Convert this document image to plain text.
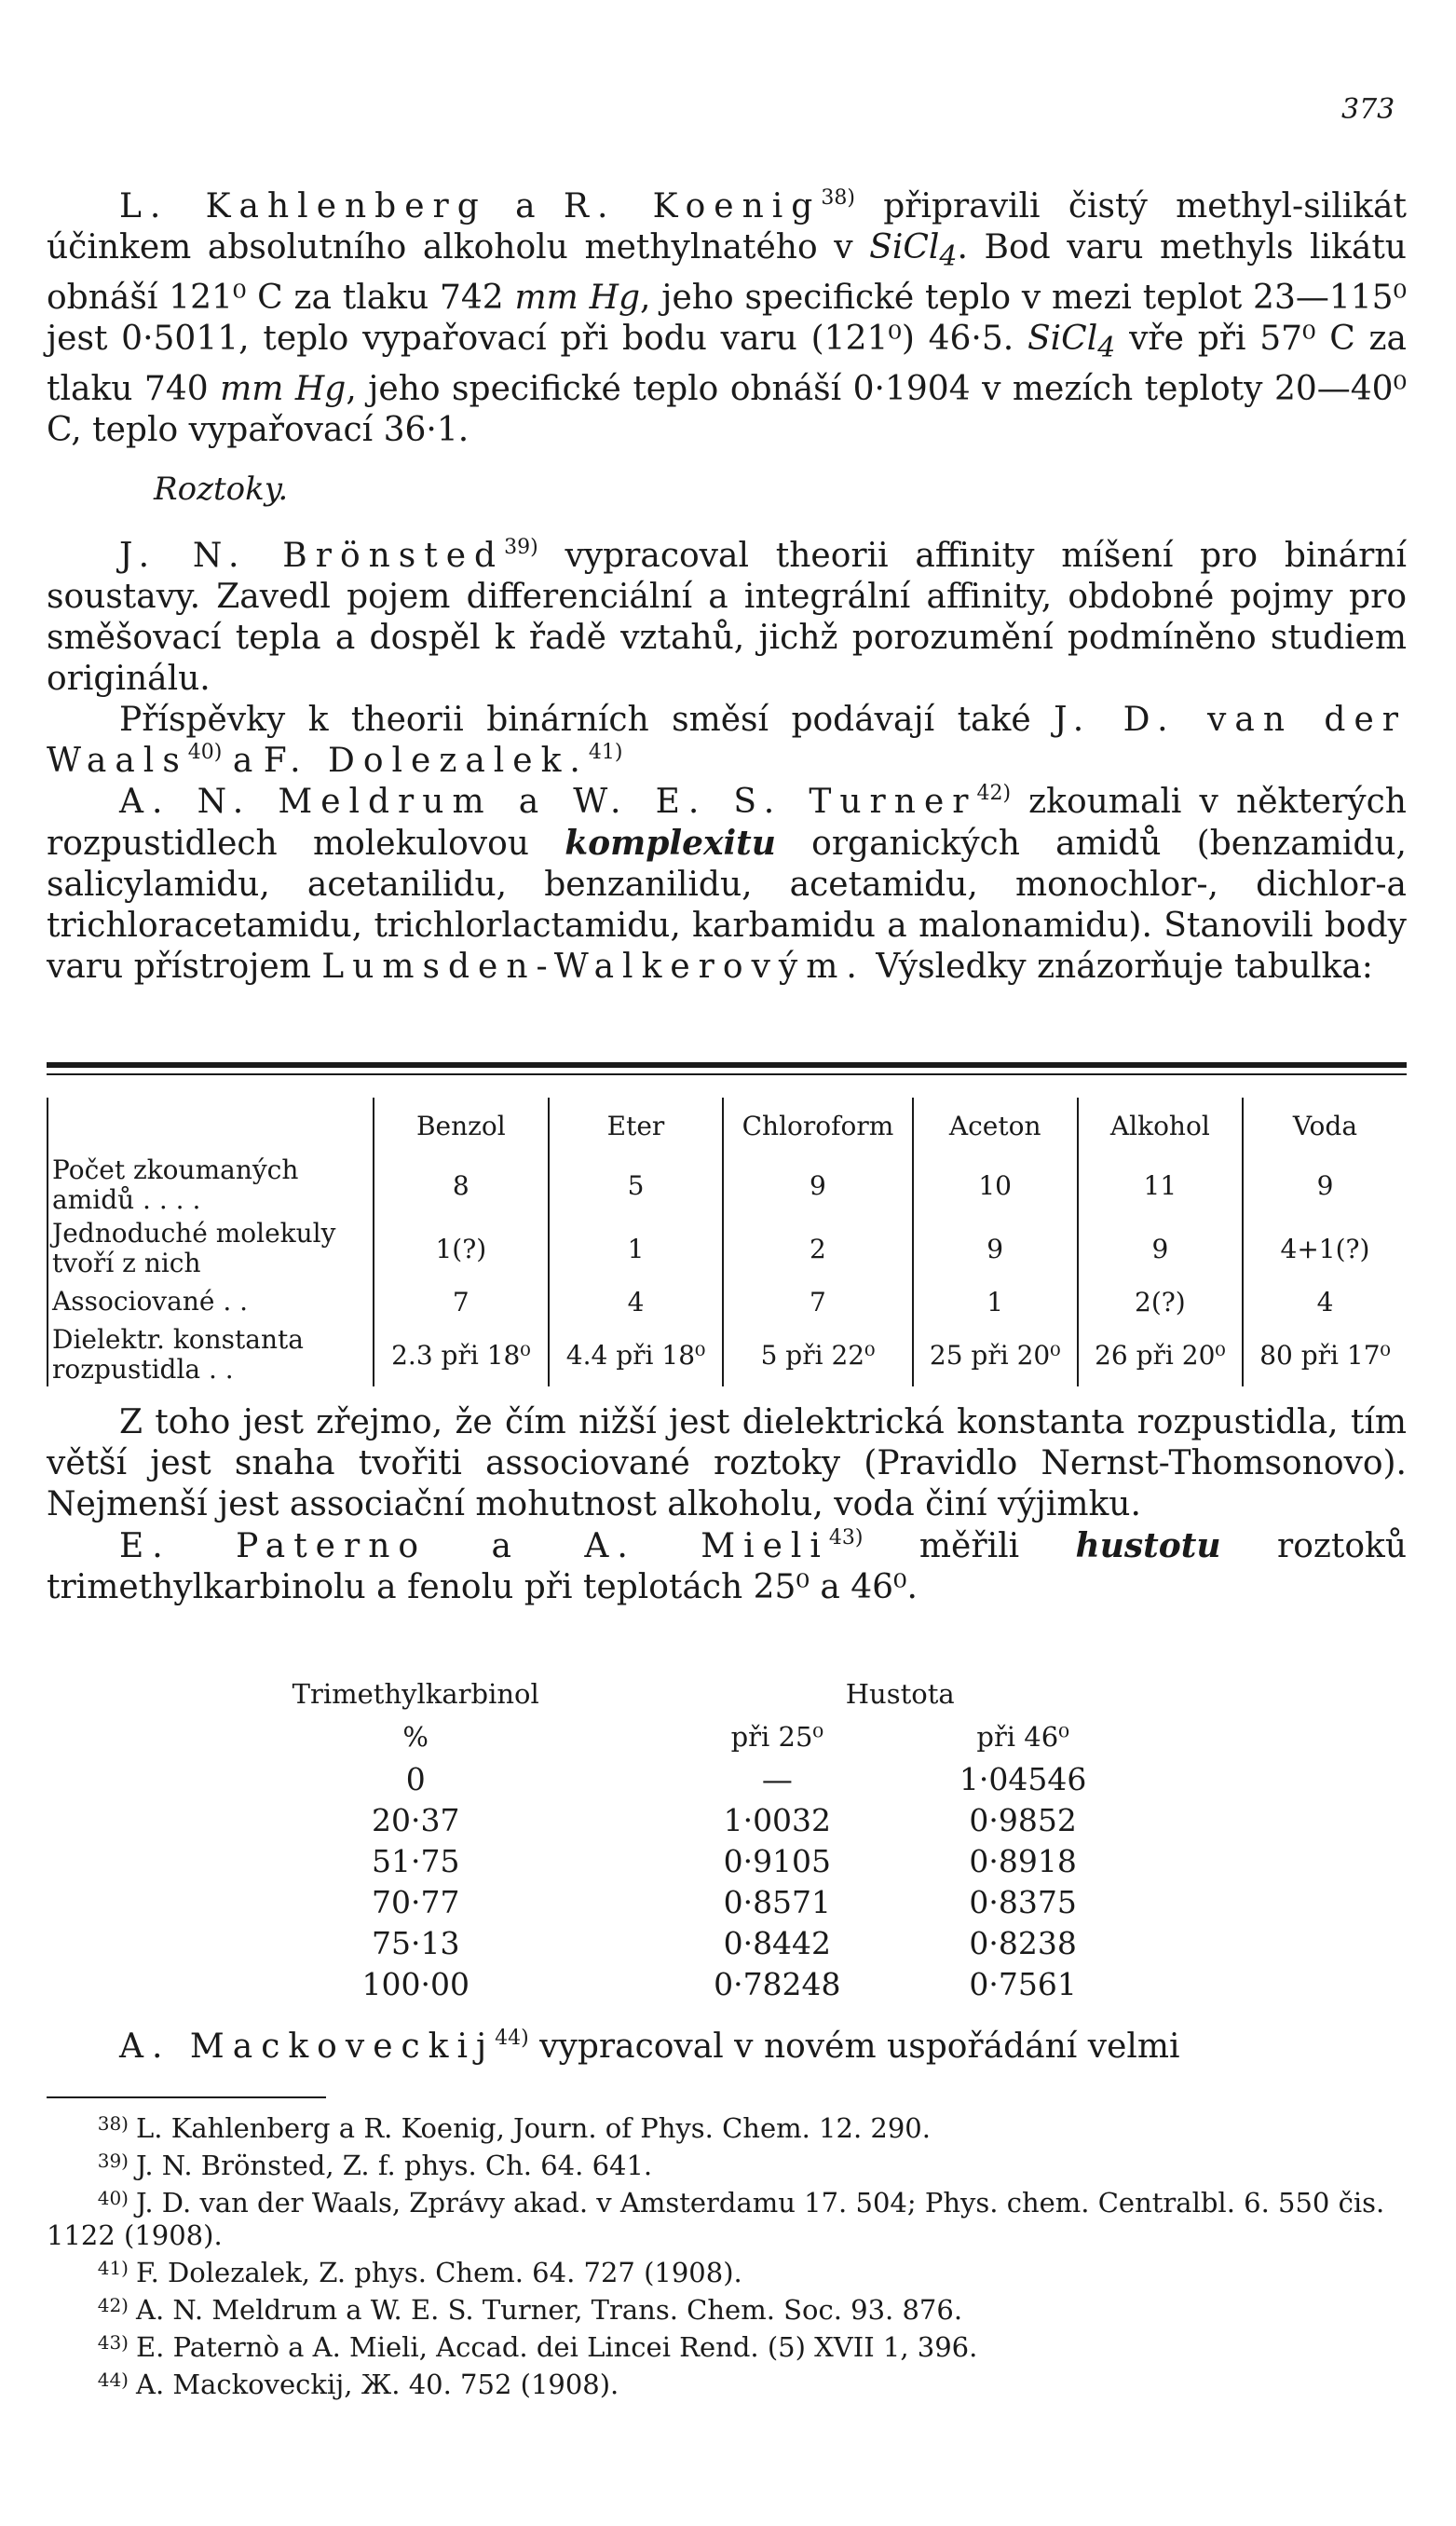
373

L. Kahlenberg a R. Koenig$^{38)}$ připravili čistý methyl-silikát účinkem absolutního alkoholu methylnatého v SiCl$_4$. Bod varu methyls likátu obnáší 121⁰ C za tlaku 742 mm Hg, jeho specifické teplo v mezi teplot 23—115⁰ jest 0·5011, teplo vypařovací při bodu varu (121⁰) 46·5. SiCl$_4$ vře při 57⁰ C za tlaku 740 mm Hg, jeho specifické teplo obnáší 0·1904 v mezích teploty 20—40⁰ C, teplo vypařovací 36·1.

Roztoky.

J. N. Brönsted$^{39)}$ vypracoval theorii affinity míšení pro binární soustavy. Zavedl pojem differenciální a integrální affinity, obdobné pojmy pro směšovací tepla a dospěl k řadě vztahů, jichž porozumění podmíněno studiem originálu.

Příspěvky k theorii binárních směsí podávají také J. D. van der Waals$^{40)}$ a F. Dolezalek.$^{41)}$

A. N. Meldrum a W. E. S. Turner$^{42)}$ zkoumali v některých rozpustidlech molekulovou komplexitu organických amidů (benzamidu, salicylamidu, acetanilidu, benzanilidu, acetamidu, monochlor-, dichlor-a trichloracetamidu, trichlorlactamidu, karbamidu a malonamidu). Stanovili body varu přístrojem Lumsden-Walkerovým. Výsledky znázorňuje tabulka:

	Benzol	Eter	Chloroform	Aceton	Alkohol	Voda
Počet zkoumaných amidů . . . .	8	5	9	10	11	9
Jednoduché molekuly tvoří z nich	1(?)	1	2	9	9	4+1(?)
Associované . .	7	4	7	1	2(?)	4
Dielektr. konstanta rozpustidla . .	2.3 při 18⁰	4.4 při 18⁰	5 při 22⁰	25 při 20⁰	26 při 20⁰	80 při 17⁰

Z toho jest zřejmo, že čím nižší jest dielektrická konstanta rozpustidla, tím větší jest snaha tvořiti associované roztoky (Pravidlo Nernst-Thomsonovo). Nejmenší jest associační mohutnost alkoholu, voda činí výjimku.

E. Paterno a A. Mieli$^{43)}$ měřili hustotu roztoků trimethylkarbinolu a fenolu při teplotách 25⁰ a 46⁰.

Trimethylkarbinol	Hustota	
%	při 25⁰	při 46⁰
0	—	1·04546
20·37	1·0032	0·9852
51·75	0·9105	0·8918
70·77	0·8571	0·8375
75·13	0·8442	0·8238
100·00	0·78248	0·7561

A. Mackoveckij$^{44)}$ vypracoval v novém uspořádání velmi

38) L. Kahlenberg a R. Koenig, Journ. of Phys. Chem. 12. 290.

39) J. N. Brönsted, Z. f. phys. Ch. 64. 641.

40) J. D. van der Waals, Zprávy akad. v Amsterdamu 17. 504; Phys. chem. Centralbl. 6. 550 čis. 1122 (1908).

41) F. Dolezalek, Z. phys. Chem. 64. 727 (1908).

42) A. N. Meldrum a W. E. S. Turner, Trans. Chem. Soc. 93. 876.

43) E. Paternò a A. Mieli, Accad. dei Lincei Rend. (5) XVII 1, 396.

44) A. Mackoveckij, Ж. 40. 752 (1908).
